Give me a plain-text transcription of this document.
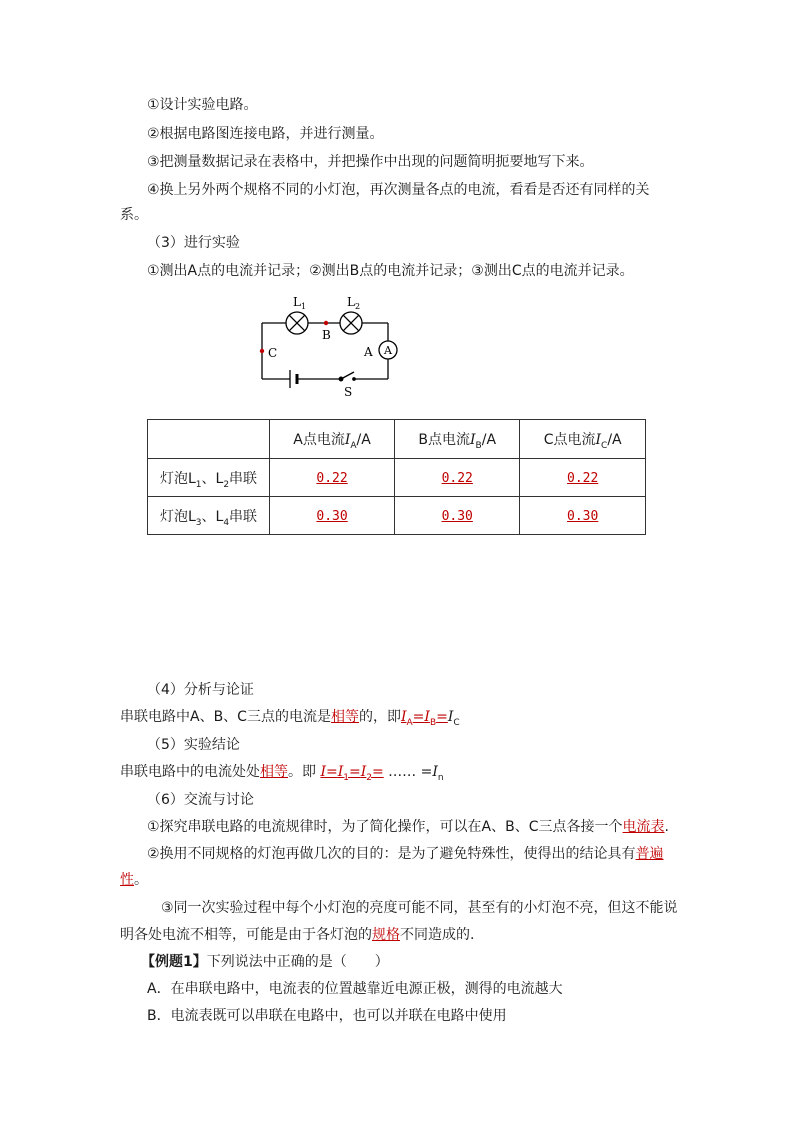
①设计实验电路。
②根据电路图连接电路，并进行测量。
③把测量数据记录在表格中，并把操作中出现的问题简明扼要地写下来。
④换上另外两个规格不同的小灯泡，再次测量各点的电流，看看是否还有同样的关
系。
（3）进行实验
①测出A点的电流并记录；②测出B点的电流并记录；③测出C点的电流并记录。
A
$L_1$	$L_2$
B
C	A
S
	A点电流$I_A/A$	B点电流$I_B/A$	C点电流$I_C/A$
灯泡$L_1$、$L_2$串联	0.22	0.22	0.22
灯泡$L_3$、$L_4$串联	0.30	0.30	0.30
（4）分析与论证
串联电路中A、B、C三点的电流是相等的，即$I_A=I_B=I_C$
（5）实验结论
串联电路中的电流处处相等。即 $I=I_1=I_2=$ …… $=I_n$
（6）交流与讨论
①探究串联电路的电流规律时，为了简化操作，可以在A、B、C三点各接一个电流表.
②换用不同规格的灯泡再做几次的目的：是为了避免特殊性，使得出的结论具有普遍
性。
③同一次实验过程中每个小灯泡的亮度可能不同，甚至有的小灯泡不亮，但这不能说
明各处电流不相等，可能是由于各灯泡的规格不同造成的.
【例题1】下列说法中正确的是（　　）
A．在串联电路中，电流表的位置越靠近电源正极，测得的电流越大
B．电流表既可以串联在电路中，也可以并联在电路中使用
